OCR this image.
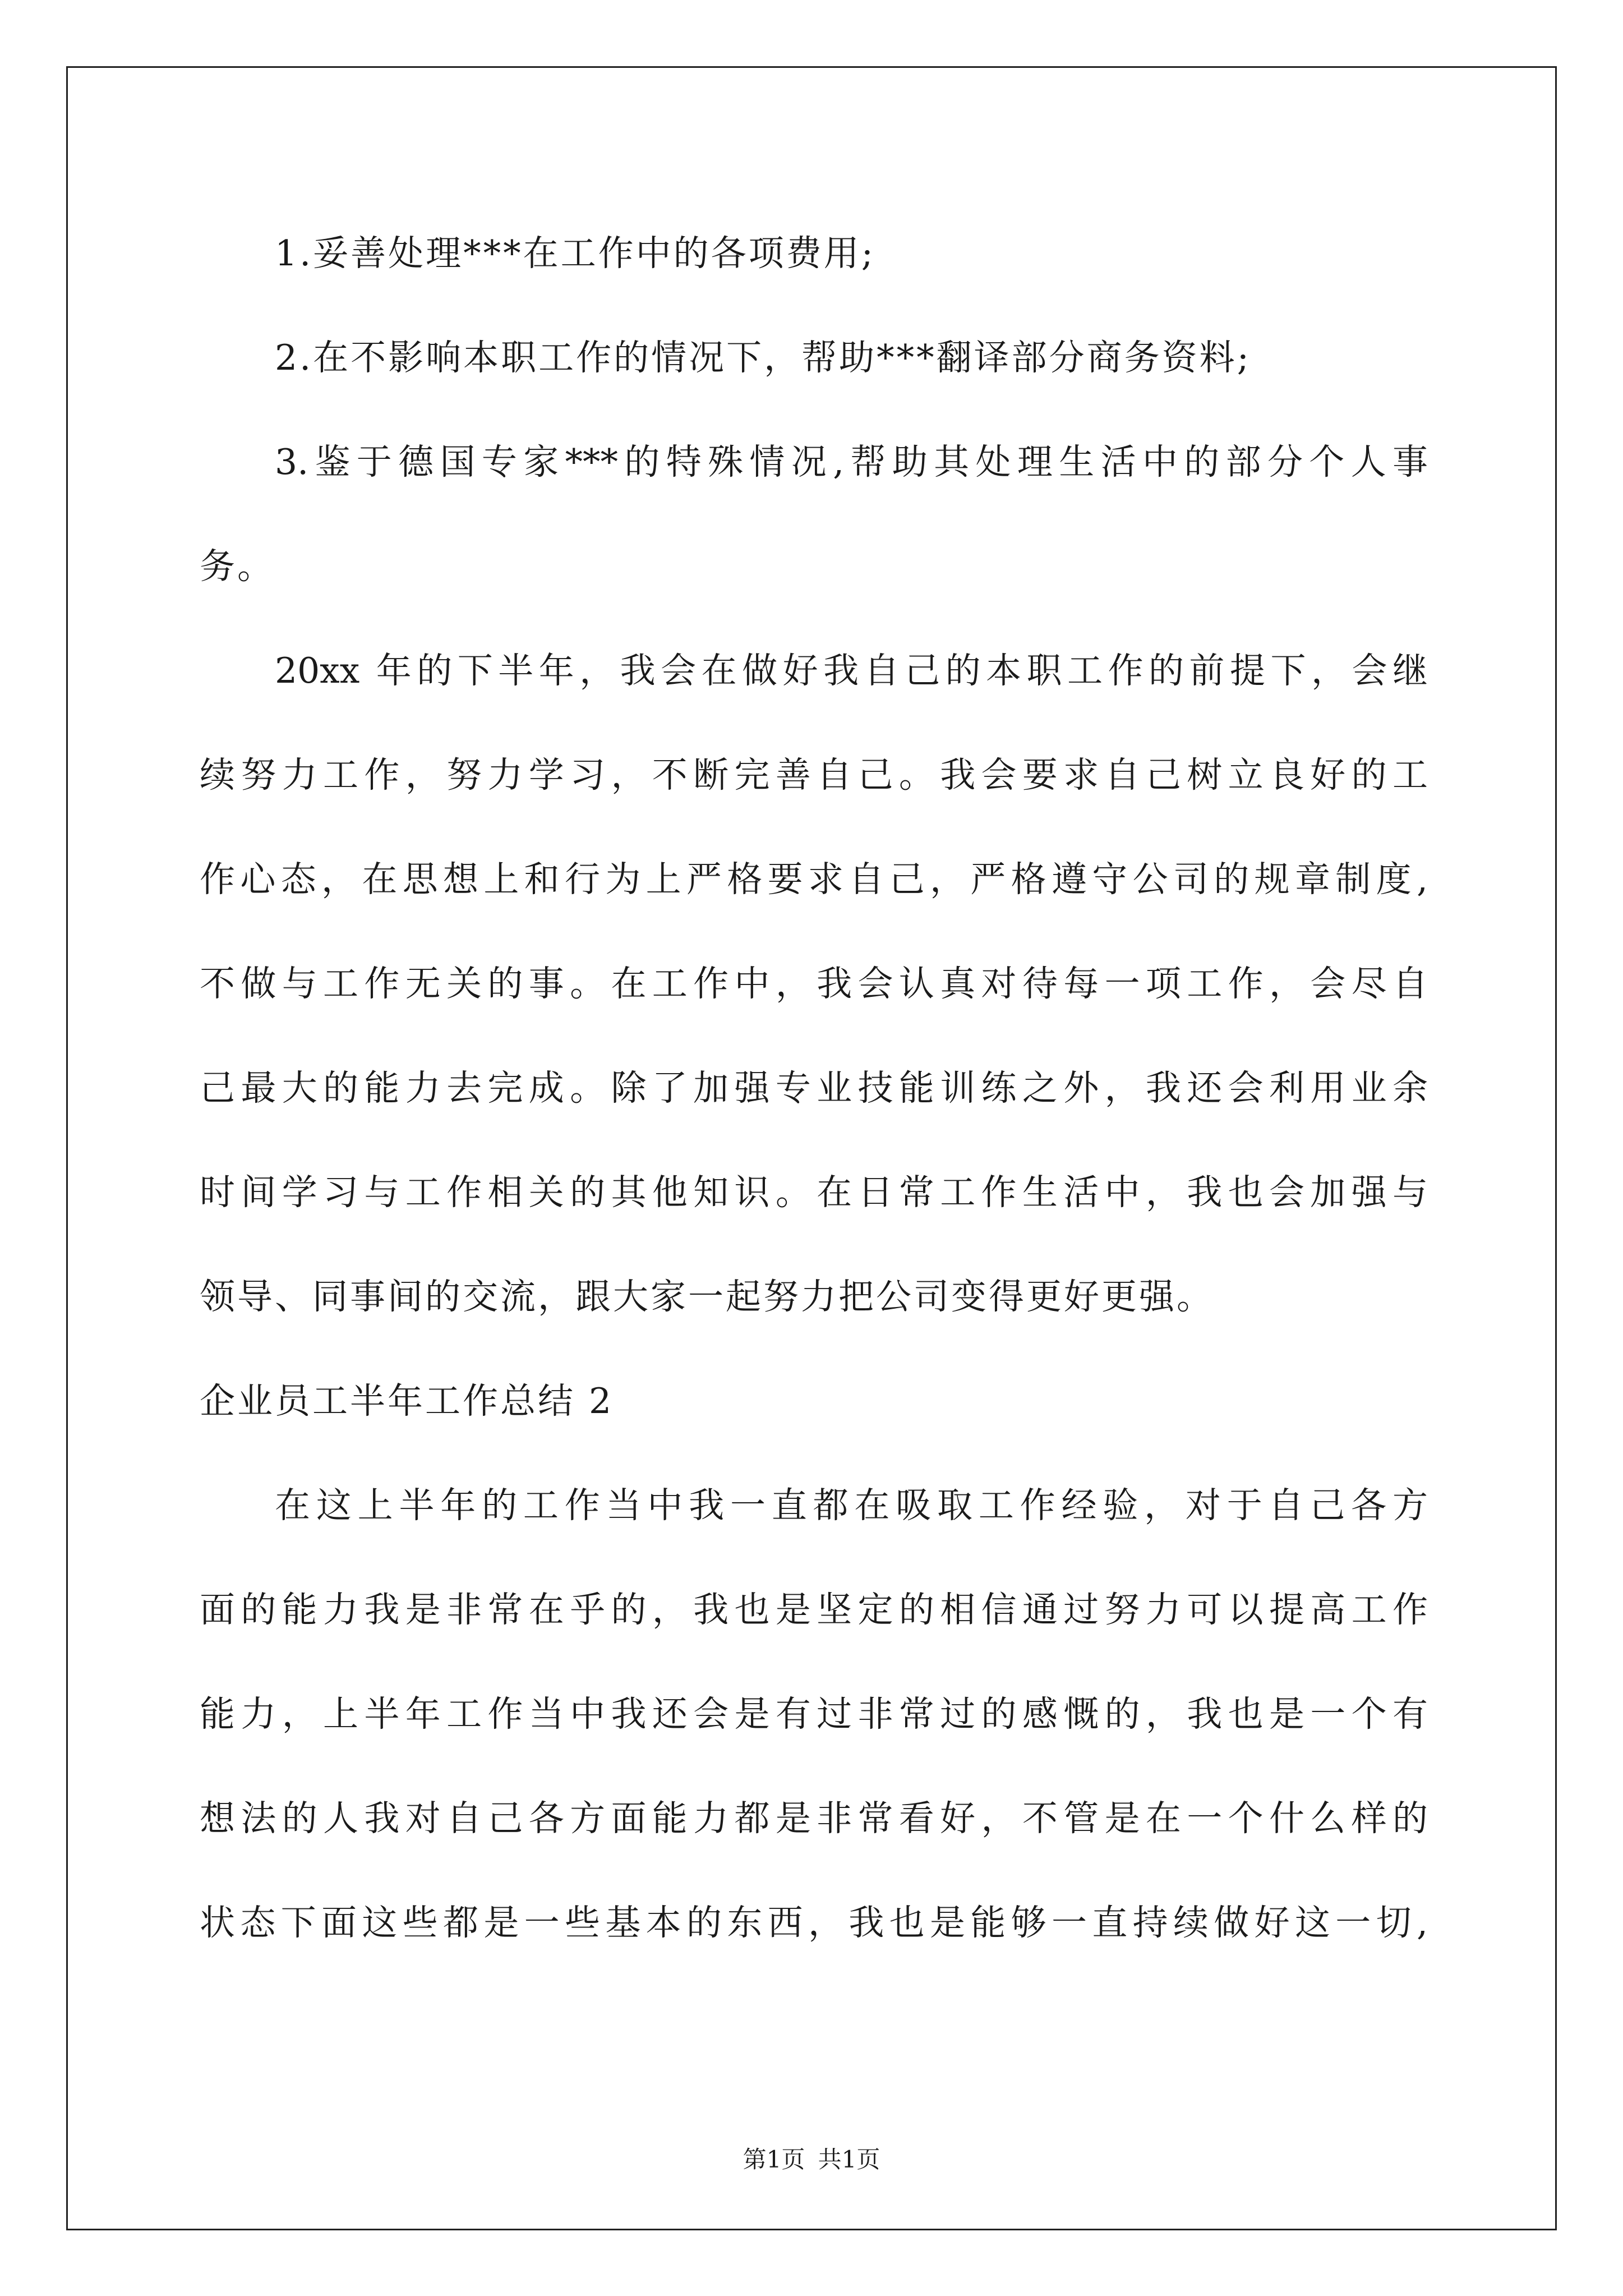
1.妥善处理***在工作中的各项费用;
2.在不影响本职工作的情况下，帮助***翻译部分商务资料;
3.鉴于德国专家***的特殊情况,帮助其处理生活中的部分个人事
务。
20xx 年的下半年，我会在做好我自己的本职工作的前提下，会继
续努力工作，努力学习，不断完善自己。我会要求自己树立良好的工
作心态，在思想上和行为上严格要求自己，严格遵守公司的规章制度,
不做与工作无关的事。在工作中，我会认真对待每一项工作，会尽自
己最大的能力去完成。除了加强专业技能训练之外，我还会利用业余
时间学习与工作相关的其他知识。在日常工作生活中，我也会加强与
领导、同事间的交流，跟大家一起努力把公司变得更好更强。
企业员工半年工作总结 2
在这上半年的工作当中我一直都在吸取工作经验，对于自己各方
面的能力我是非常在乎的，我也是坚定的相信通过努力可以提高工作
能力，上半年工作当中我还会是有过非常过的感慨的，我也是一个有
想法的人我对自己各方面能力都是非常看好，不管是在一个什么样的
状态下面这些都是一些基本的东西，我也是能够一直持续做好这一切,
第1页 共1页
